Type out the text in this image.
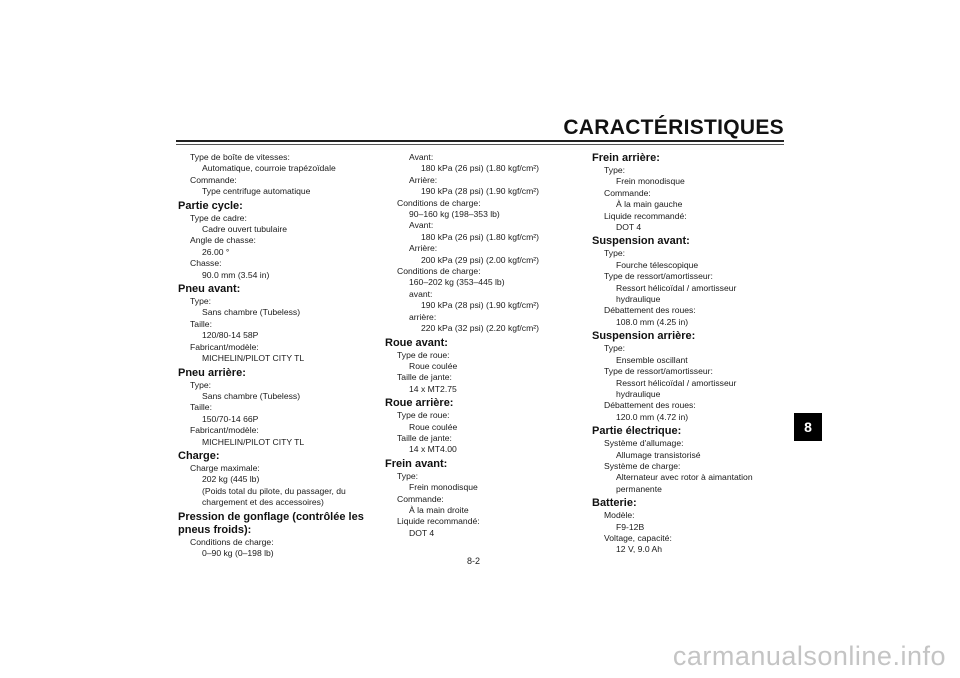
CARACTÉRISTIQUES
Type de boîte de vitesses:
Automatique, courroie trapézoïdale
Commande:
Type centrifuge automatique
Partie cycle:
Type de cadre:
Cadre ouvert tubulaire
Angle de chasse:
26.00 °
Chasse:
90.0 mm (3.54 in)
Pneu avant:
Type:
Sans chambre (Tubeless)
Taille:
120/80-14 58P
Fabricant/modèle:
MICHELIN/PILOT CITY TL
Pneu arrière:
Type:
Sans chambre (Tubeless)
Taille:
150/70-14 66P
Fabricant/modèle:
MICHELIN/PILOT CITY TL
Charge:
Charge maximale:
202 kg (445 lb)
(Poids total du pilote, du passager, du
chargement et des accessoires)
Pression de gonflage (contrôlée les
pneus froids):
Conditions de charge:
0–90 kg (0–198 lb)
Avant:
180 kPa (26 psi) (1.80 kgf/cm²)
Arrière:
190 kPa (28 psi) (1.90 kgf/cm²)
Conditions de charge:
90–160 kg (198–353 lb)
Avant:
180 kPa (26 psi) (1.80 kgf/cm²)
Arrière:
200 kPa (29 psi) (2.00 kgf/cm²)
Conditions de charge:
160–202 kg (353–445 lb)
avant:
190 kPa (28 psi) (1.90 kgf/cm²)
arrière:
220 kPa (32 psi) (2.20 kgf/cm²)
Roue avant:
Type de roue:
Roue coulée
Taille de jante:
14 x MT2.75
Roue arrière:
Type de roue:
Roue coulée
Taille de jante:
14 x MT4.00
Frein avant:
Type:
Frein monodisque
Commande:
À la main droite
Liquide recommandé:
DOT 4
Frein arrière:
Type:
Frein monodisque
Commande:
À la main gauche
Liquide recommandé:
DOT 4
Suspension avant:
Type:
Fourche télescopique
Type de ressort/amortisseur:
Ressort hélicoïdal / amortisseur
hydraulique
Débattement des roues:
108.0 mm (4.25 in)
Suspension arrière:
Type:
Ensemble oscillant
Type de ressort/amortisseur:
Ressort hélicoïdal / amortisseur
hydraulique
Débattement des roues:
120.0 mm (4.72 in)
Partie électrique:
Système d'allumage:
Allumage transistorisé
Système de charge:
Alternateur avec rotor à aimantation
permanente
Batterie:
Modèle:
F9-12B
Voltage, capacité:
12 V, 9.0 Ah
8
8-2
carmanualsonline.info
